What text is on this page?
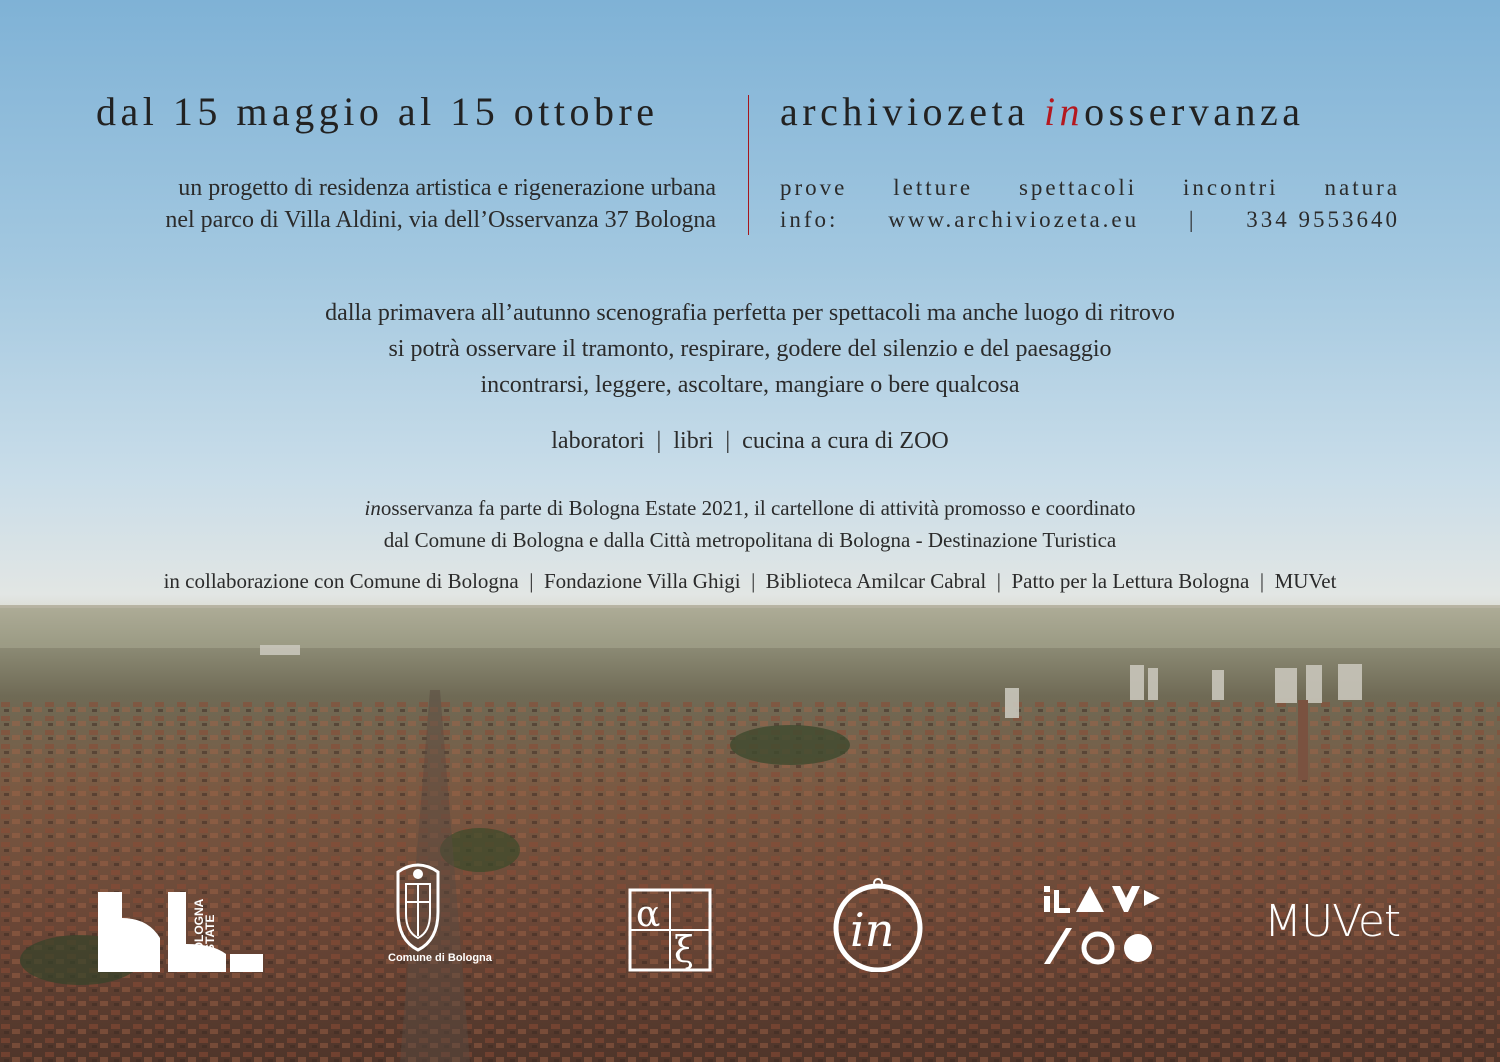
dal 15 maggio al 15 ottobre	archiviozeta inosservanza
un progetto di residenza artistica e rigenerazione urbana
nel parco di Villa Aldini, via dell’Osservanza 37 Bologna
prove letture spettacoli incontri natura
info: www.archiviozeta.eu | 334 9553640
dalla primavera all’autunno scenografia perfetta per spettacoli ma anche luogo di ritrovo
si potrà osservare il tramonto, respirare, godere del silenzio e del paesaggio
incontrarsi, leggere, ascoltare, mangiare o bere qualcosa
laboratori  |  libri  |  cucina a cura di ZOO
inosservanza fa parte di Bologna Estate 2021, il cartellone di attività promosso e coordinato
dal Comune di Bologna e dalla Città metropolitana di Bologna - Destinazione Turistica
in collaborazione con Comune di Bologna  |  Fondazione Villa Ghigi  |  Biblioteca Amilcar Cabral  |  Patto per la Lettura Bologna  |  MUVet
BOLOGNA
ESTATE	Comune di Bologna
α
ξ	in	MUVet
